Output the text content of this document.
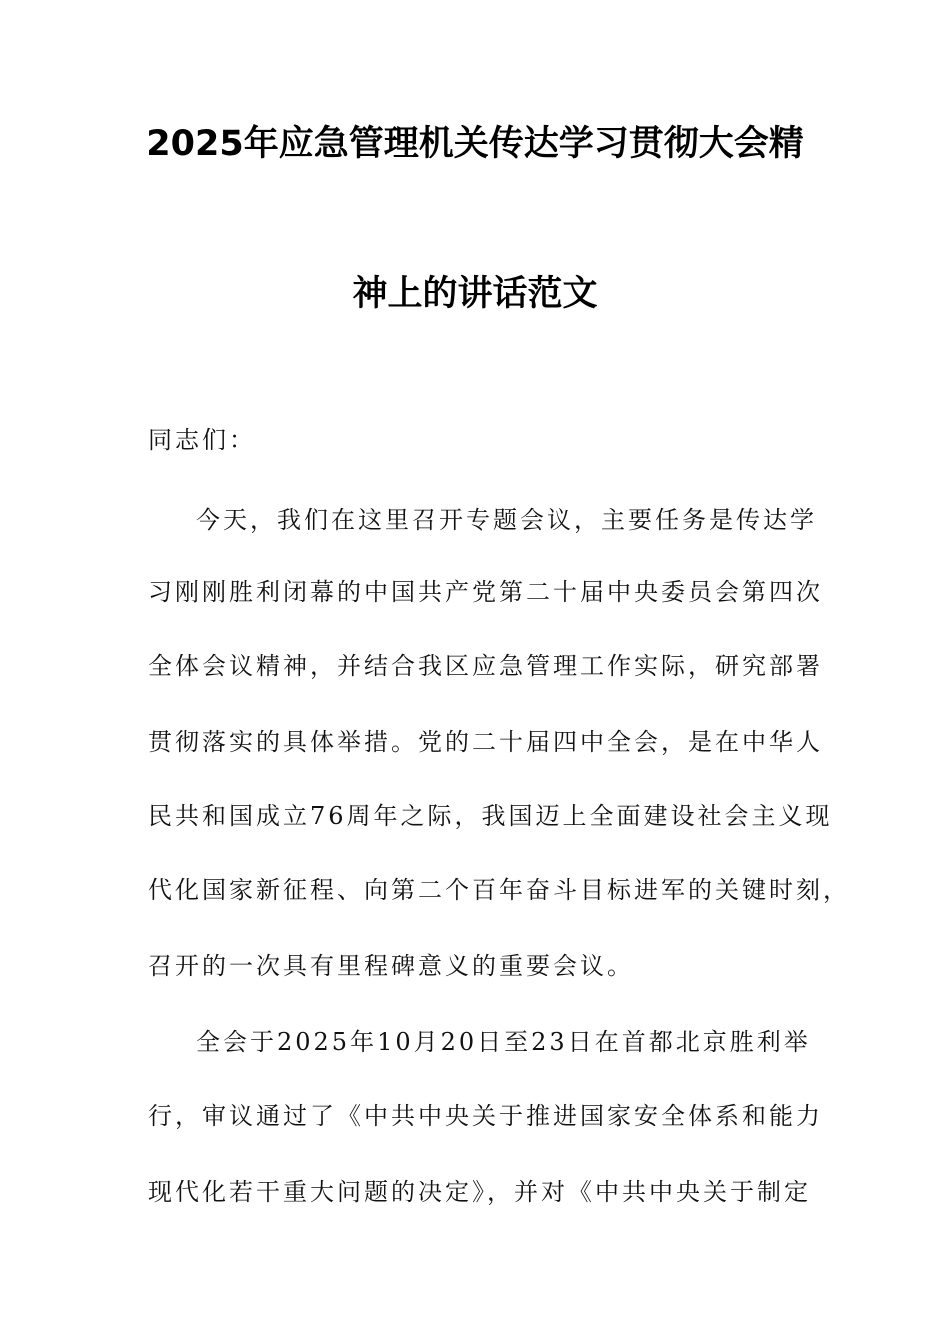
2025年应急管理机关传达学习贯彻大会精
神上的讲话范文
同志们：
今天，我们在这里召开专题会议，主要任务是传达学
习刚刚胜利闭幕的中国共产党第二十届中央委员会第四次
全体会议精神，并结合我区应急管理工作实际，研究部署
贯彻落实的具体举措。党的二十届四中全会，是在中华人
民共和国成立76周年之际，我国迈上全面建设社会主义现
代化国家新征程、向第二个百年奋斗目标进军的关键时刻，
召开的一次具有里程碑意义的重要会议。
全会于2025年10月20日至23日在首都北京胜利举
行，审议通过了《中共中央关于推进国家安全体系和能力
现代化若干重大问题的决定》，并对《中共中央关于制定
